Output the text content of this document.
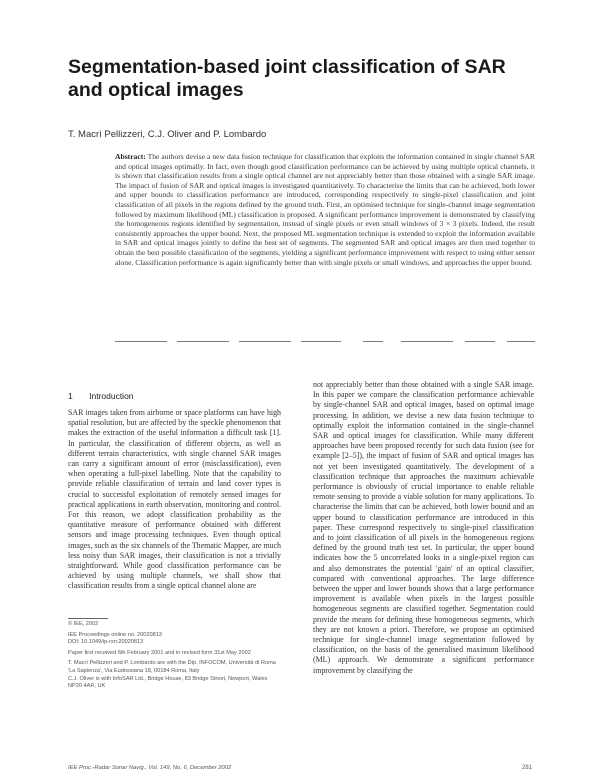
Segmentation-based joint classification of SAR and optical images
T. Macrì Pellizzeri, C.J. Oliver and P. Lombardo

Abstract: The authors devise a new data fusion technique for classification that exploits the information contained in single channel SAR and optical images optimally. In fact, even though good classification performance can be achieved by using multiple optical channels, it is shown that classification results from a single optical channel are not appreciably better than those obtained with a single SAR image. The impact of fusion of SAR and optical images is investigated quantitatively. To characterise the limits that can be achieved, both lower and upper bounds to classification performance are introduced, corresponding respectively to single-pixel classification and joint classification of all pixels in the regions defined by the ground truth. First, an optimised technique for single-channel image segmentation followed by maximum likelihood (ML) classification is proposed. A significant performance improvement is demonstrated by classifying the homogeneous regions identified by segmentation, instead of single pixels or even small windows of 3 × 3 pixels. Indeed, the result consistently approaches the upper bound. Next, the proposed ML segmentation technique is extended to exploit the information available in SAR and optical images jointly to define the best set of segments. The segmented SAR and optical images are then used together to obtain the best possible classification of the segments, yielding a significant performance improvement with respect to using either sensor alone. Classification performance is again significantly better than with single pixels or small windows, and approaches the upper bound.

1 Introduction

SAR images taken from airborne or space platforms can have high spatial resolution, but are affected by the speckle phenomenon that makes the extraction of the useful information a difficult task [1]. In particular, the classification of different objects, as well as different terrain characteristics, with single channel SAR images can carry a significant amount of error (misclassification), even when operating a full-pixel labelling. Note that the capability to provide reliable classification of terrain and land cover types is crucial to successful exploitation of remotely sensed images for practical applications in earth observation, monitoring and control. For this reason, we adopt classification probability as the quantitative measure of performance obtained with different sensors and image processing techniques. Even though optical images, such as the six channels of the Thematic Mapper, are much less noisy than SAR images, their classification is not a trivially straightforward. While good classification performance can be achieved by using multiple channels, we shall show that classification results from a single optical channel alone are

not appreciably better than those obtained with a single SAR image. In this paper we compare the classification performance achievable by single-channel SAR and optical images, based on optimal image processing. In addition, we devise a new data fusion technique to optimally exploit the information contained in the single-channel SAR and optical images for classification. While many different approaches have been proposed recently for such data fusion (see for example [2–5]), the impact of fusion of SAR and optical images has not yet been investigated quantitatively. The development of a classification technique that approaches the maximum achievable performance is obviously of crucial importance to enable reliable remote sensing to provide a viable solution for many applications. To characterise the limits that can be achieved, both lower bound and an upper bound to classification performance are introduced in this paper. These correspond respectively to single-pixel classification and to joint classification of all pixels in the homogeneous regions defined by the ground truth test set. In particular, the upper bound indicates how the 5 uncorrelated looks in a single-pixel region can and also demonstrates the potential 'gain' of an optical classifier, compared with conventional approaches. The large difference between the upper and lower bounds shows that a large performance improvement is available when pixels in the largest possible homogeneous segments are classified together. Segmentation could provide the means for defining these homogeneous segments, which they are not known a priori. Therefore, we propose an optimised technique for single-channel image segmentation followed by classification, on the basis of the generalised maximum likelihood (ML) approach. We demonstrate a significant performance improvement by classifying the

© IEE, 2002

IEE Proceedings online no. 20020813

DOI: 10.1049/ip-rsn:20020813

Paper first received 6th February 2001 and in revised form 31st May 2002

T. Macrì Pellizzeri and P. Lombardo are with the Dip. INFOCOM, Università di Roma 'La Sapienza', Via Eudossiana 18, 00184 Roma, Italy

C.J. Oliver is with InfoSAR Ltd., Bridge House, 83 Bridge Street, Newport, Wales NP20 4AR, UK

IEE Proc.-Radar Sonar Navig., Vol. 149, No. 6, December 2002	281
